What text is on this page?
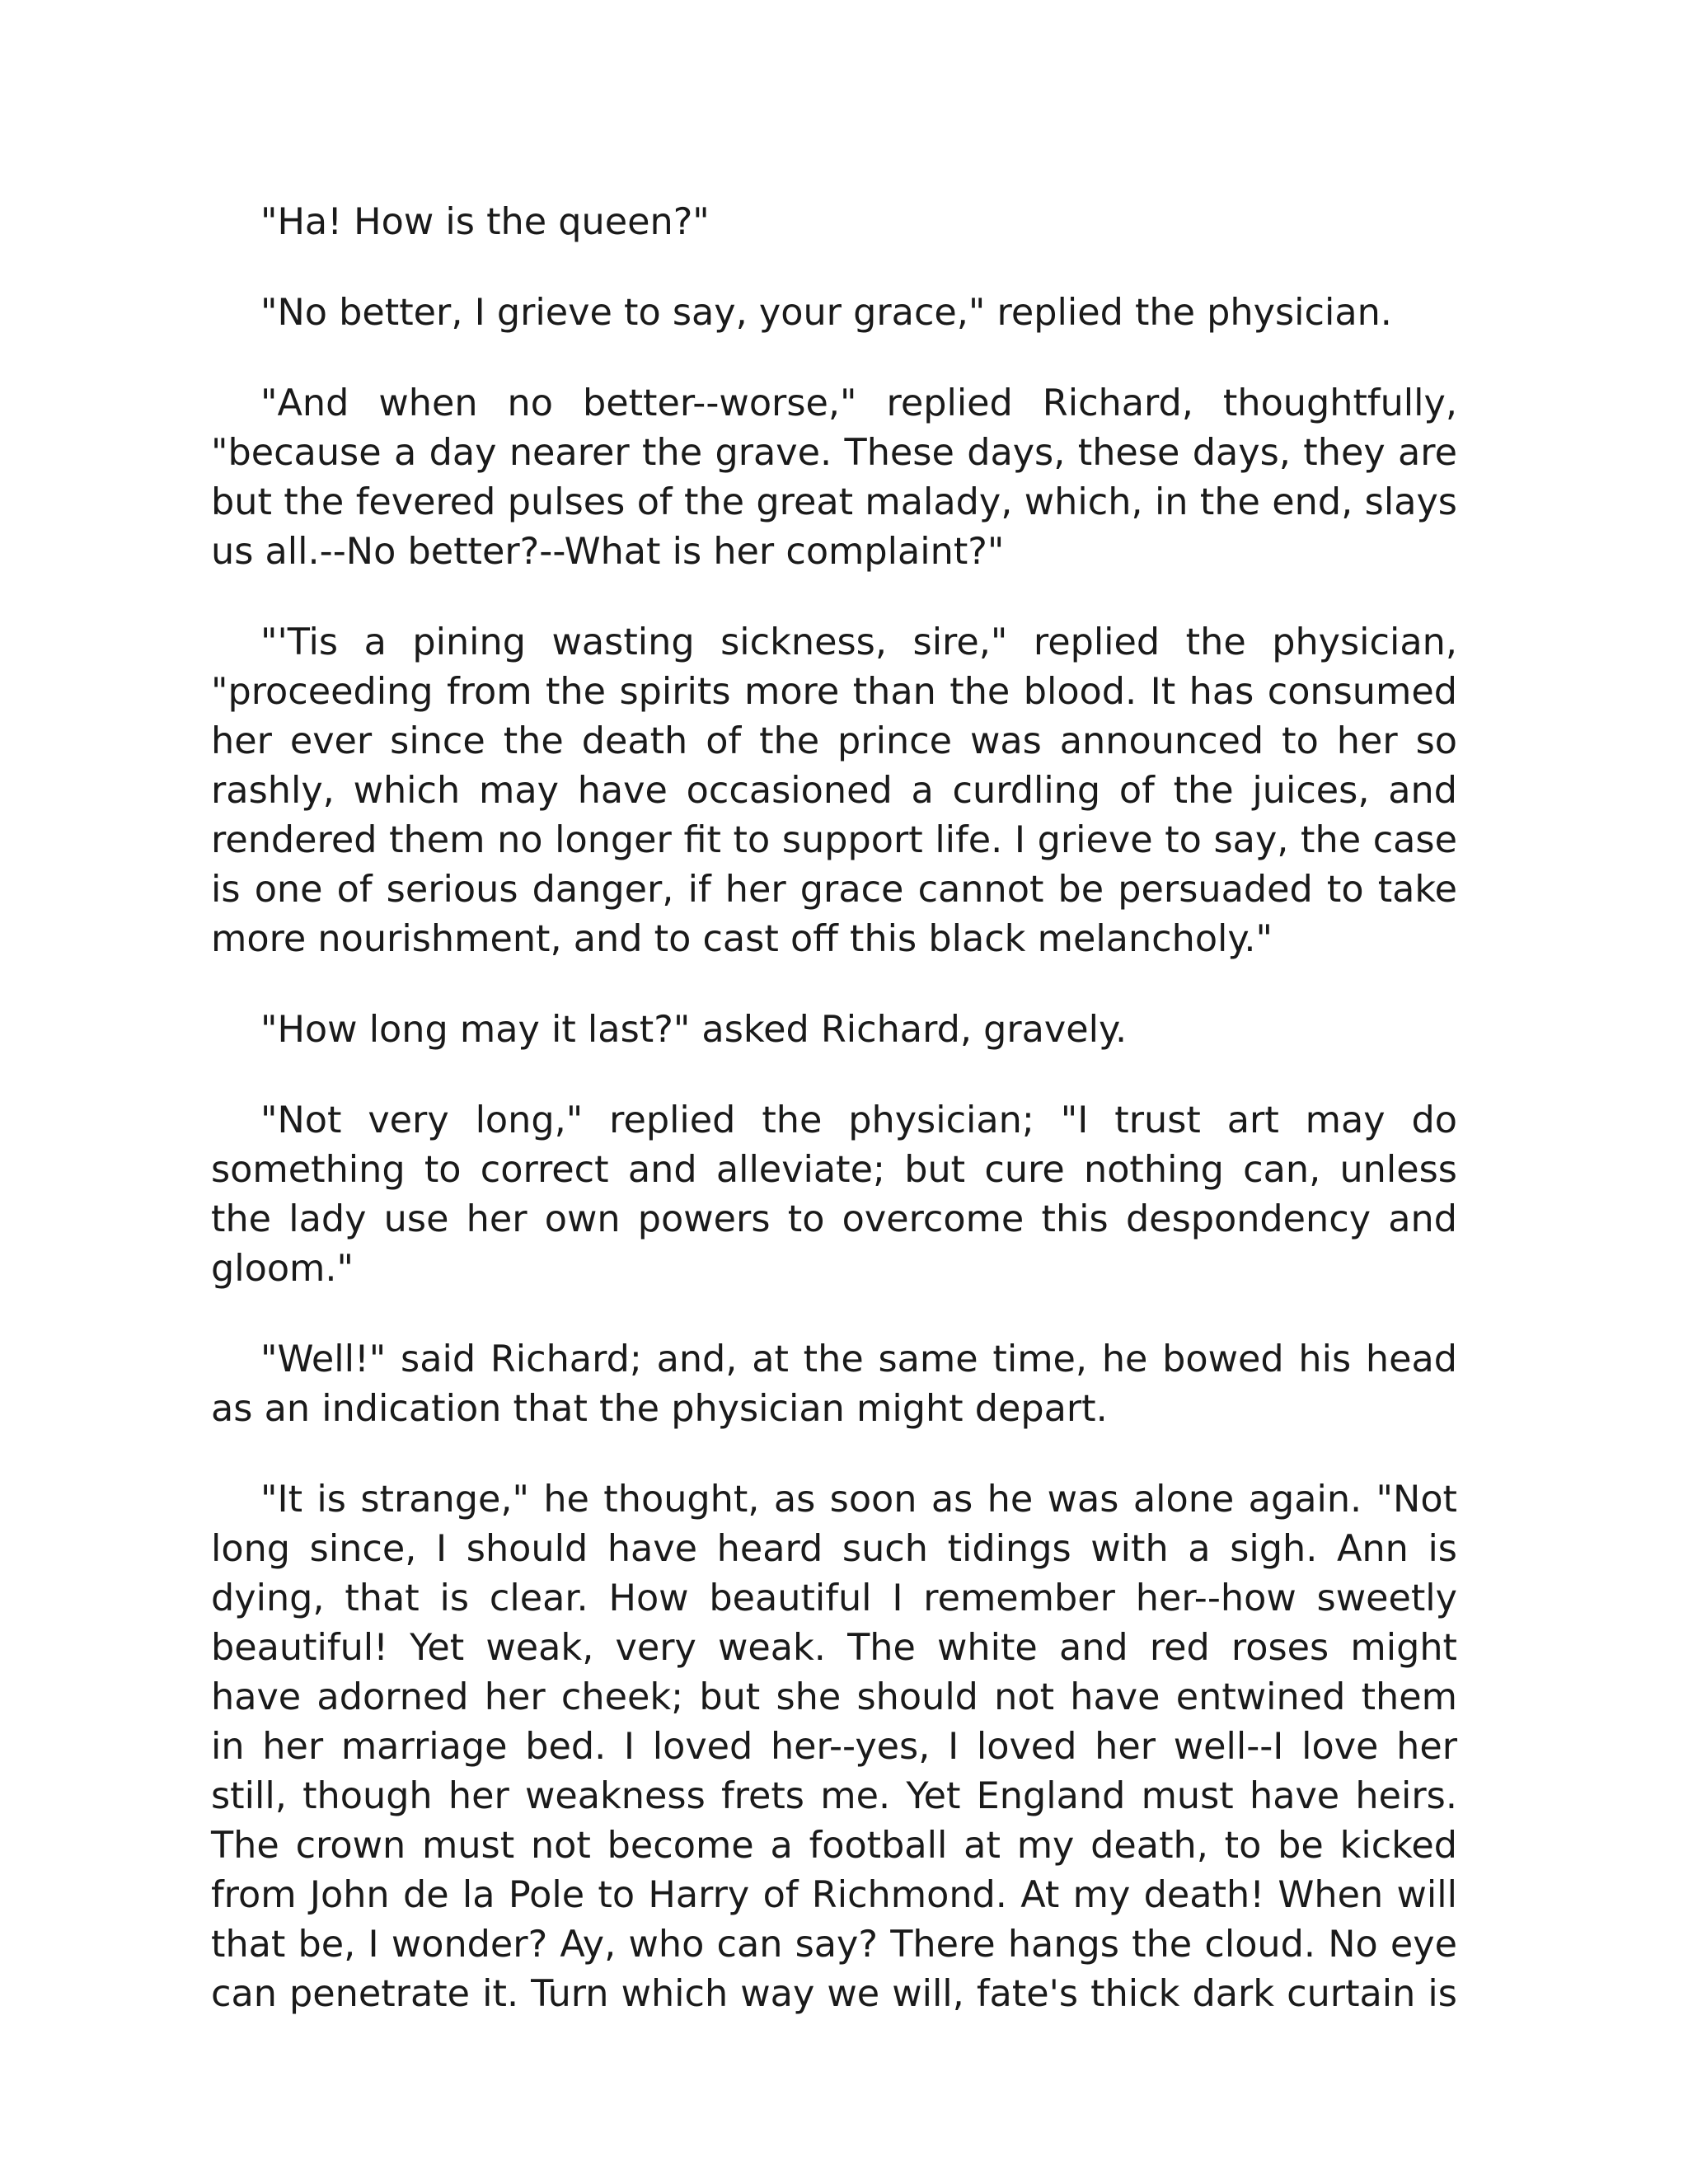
"Ha! How is the queen?"

"No better, I grieve to say, your grace," replied the physician.

"And when no better--worse," replied Richard, thoughtfully, "because a day nearer the grave. These days, these days, they are but the fevered pulses of the great malady, which, in the end, slays us all.--No better?--What is her complaint?"

"'Tis a pining wasting sickness, sire," replied the physician, "proceeding from the spirits more than the blood. It has consumed her ever since the death of the prince was announced to her so rashly, which may have occasioned a curdling of the juices, and rendered them no longer fit to support life. I grieve to say, the case is one of serious danger, if her grace cannot be persuaded to take more nourishment, and to cast off this black melancholy."

"How long may it last?" asked Richard, gravely.

"Not very long," replied the physician; "I trust art may do something to correct and alleviate; but cure nothing can, unless the lady use her own powers to overcome this despondency and gloom."

"Well!" said Richard; and, at the same time, he bowed his head as an indication that the physician might depart.

"It is strange," he thought, as soon as he was alone again. "Not long since, I should have heard such tidings with a sigh. Ann is dying, that is clear. How beautiful I remember her--how sweetly beautiful! Yet weak, very weak. The white and red roses might have adorned her cheek; but she should not have entwined them in her marriage bed. I loved her--yes, I loved her well--I love her still, though her weakness frets me. Yet England must have heirs. The crown must not become a football at my death, to be kicked from John de la Pole to Harry of Richmond. At my death! When will that be, I wonder? Ay, who can say? There hangs the cloud. No eye can penetrate it. Turn which way we will, fate's thick dark curtain is
